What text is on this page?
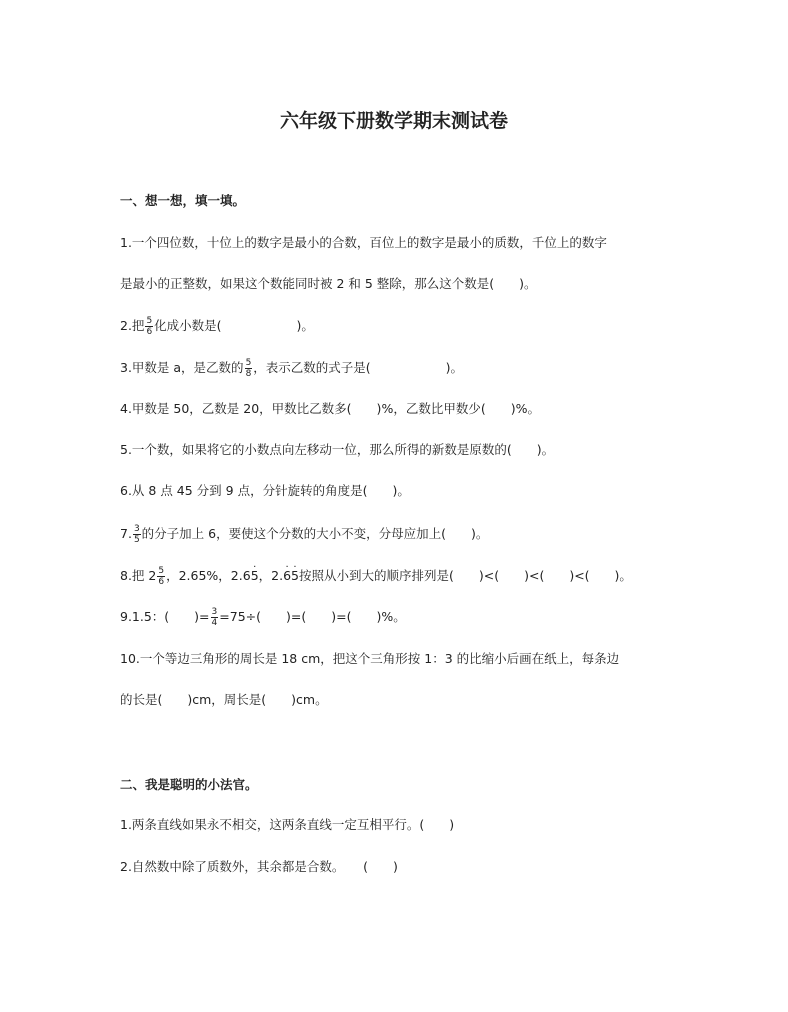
六年级下册数学期末测试卷
一、想一想，填一填。
1.一个四位数，十位上的数字是最小的合数，百位上的数字是最小的质数，千位上的数字
是最小的正整数，如果这个数能同时被 2 和 5 整除，那么这个数是(　　)。
2.把 $\frac{5}{6}$ 化成小数是(　　　　　　)。
3.甲数是 a，是乙数的 $\frac{5}{8}$ ，表示乙数的式子是(　　　　　　)。
4.甲数是 50，乙数是 20，甲数比乙数多(　　)%，乙数比甲数少(　　)%。
5.一个数，如果将它的小数点向左移动一位，那么所得的新数是原数的(　　)。
6.从 8 点 45 分到 9 点，分针旋转的角度是(　　)。
7. $\frac{3}{5}$ 的分子加上 6，要使这个分数的大小不变，分母应加上(　　)。
8.把 $2 \frac{5}{6}$ ，2.65%，2.65 ·，2.6 ·5 ·按照从小到大的顺序排列是(　　)<(　　)<(　　)<(　　)。
9.1.5：(　　)= $\frac{3}{4} =75\div$(　　)=(　　)=(　　)%。
10.一个等边三角形的周长是 18 cm，把这个三角形按 1：3 的比缩小后画在纸上，每条边
的长是(　　)cm，周长是(　　)cm。
二、我是聪明的小法官。
1.两条直线如果永不相交，这两条直线一定互相平行。(　　)
2.自然数中除了质数外，其余都是合数。　　(　　)
